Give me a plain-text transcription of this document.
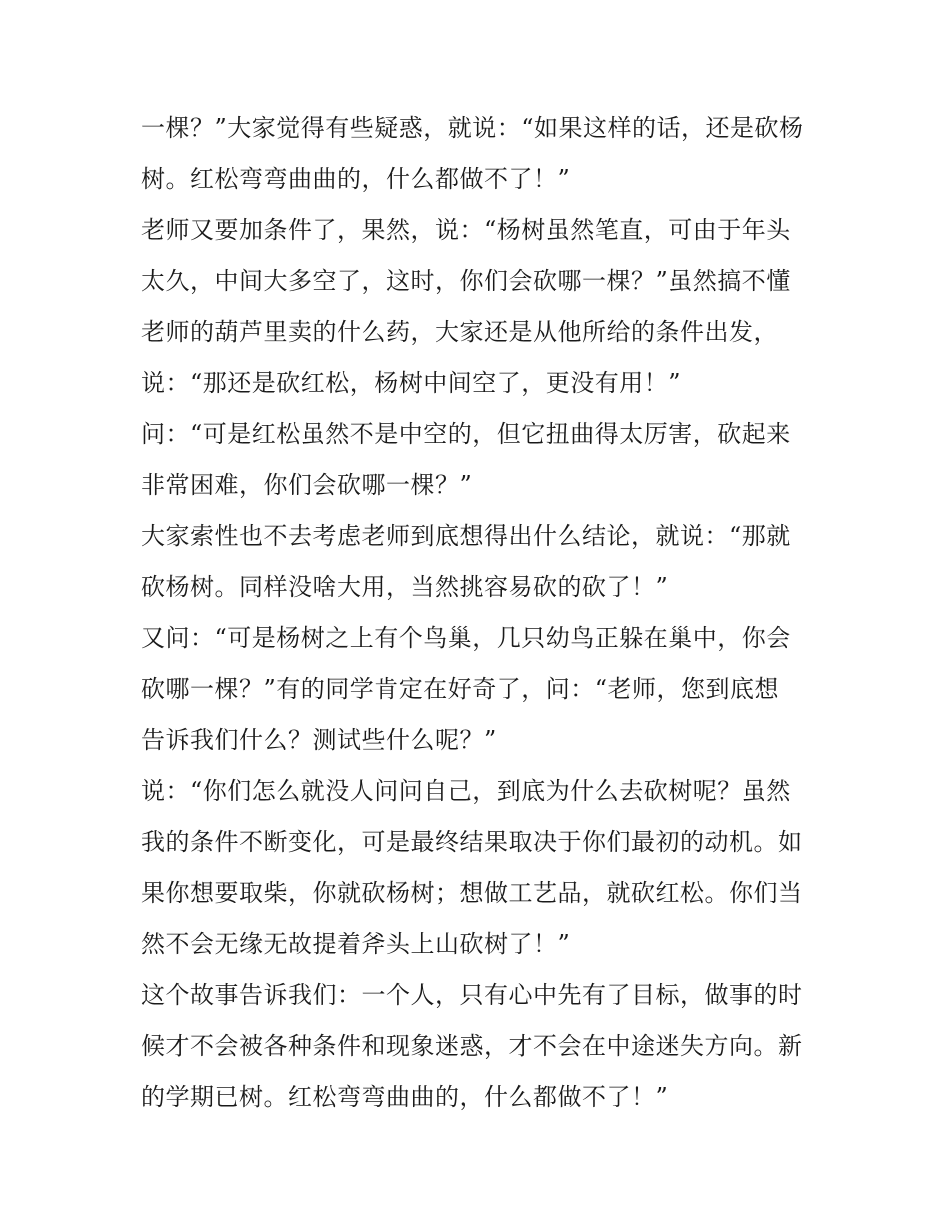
一棵？”大家觉得有些疑惑，就说：“如果这样的话，还是砍杨
树。红松弯弯曲曲的，什么都做不了！”
老师又要加条件了，果然，说：“杨树虽然笔直，可由于年头
太久，中间大多空了，这时，你们会砍哪一棵？”虽然搞不懂
老师的葫芦里卖的什么药，大家还是从他所给的条件出发，
说：“那还是砍红松，杨树中间空了，更没有用！”
问：“可是红松虽然不是中空的，但它扭曲得太厉害，砍起来
非常困难，你们会砍哪一棵？”
大家索性也不去考虑老师到底想得出什么结论，就说：“那就
砍杨树。同样没啥大用，当然挑容易砍的砍了！”
又问：“可是杨树之上有个鸟巢，几只幼鸟正躲在巢中，你会
砍哪一棵？”有的同学肯定在好奇了，问：“老师，您到底想
告诉我们什么？测试些什么呢？”
说：“你们怎么就没人问问自己，到底为什么去砍树呢？虽然
我的条件不断变化，可是最终结果取决于你们最初的动机。如
果你想要取柴，你就砍杨树；想做工艺品，就砍红松。你们当
然不会无缘无故提着斧头上山砍树了！”
这个故事告诉我们：一个人，只有心中先有了目标，做事的时
候才不会被各种条件和现象迷惑，才不会在中途迷失方向。新
的学期已树。红松弯弯曲曲的，什么都做不了！”
